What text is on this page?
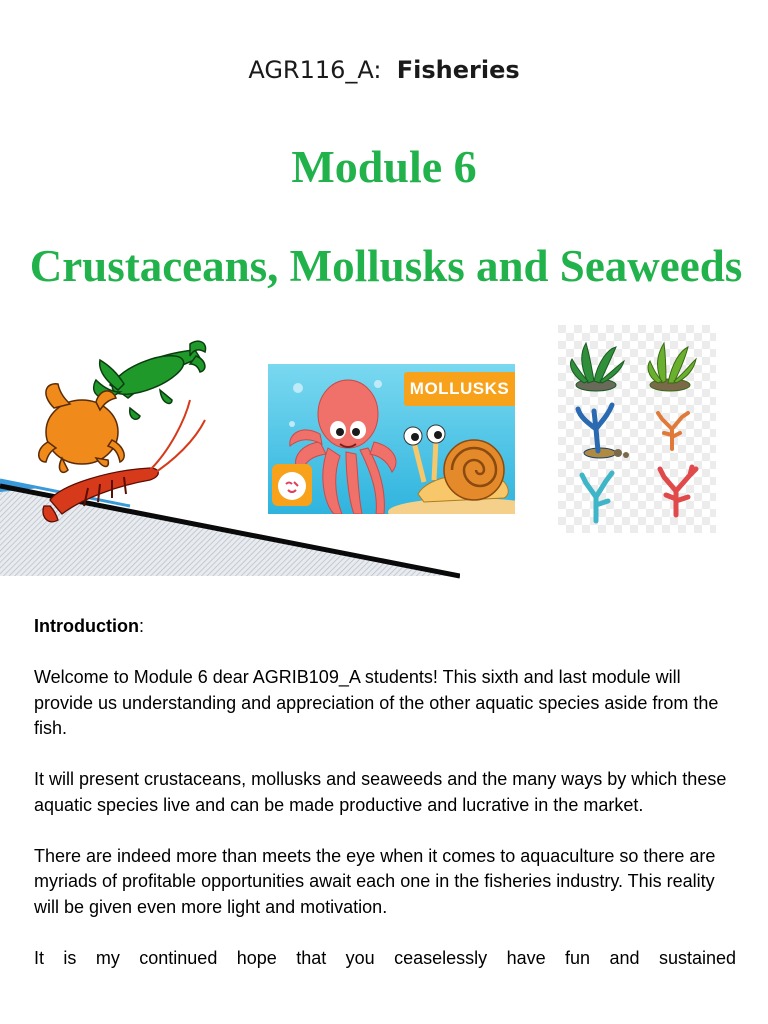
AGR116_A: Fisheries
Module 6
Crustaceans, Mollusks and Seaweeds
MOLLUSKS

Introduction:

Welcome to Module 6 dear AGRIB109_A students! This sixth and last module will provide us understanding and appreciation of the other aquatic species aside from the fish.

It will present crustaceans, mollusks and seaweeds and the many ways by which these aquatic species live and can be made productive and lucrative in the market.

There are indeed more than meets the eye when it comes to aquaculture so there are myriads of profitable opportunities await each one in the fisheries industry. This reality will be given even more light and motivation.

It is my continued hope that you ceaselessly have fun and sustained
